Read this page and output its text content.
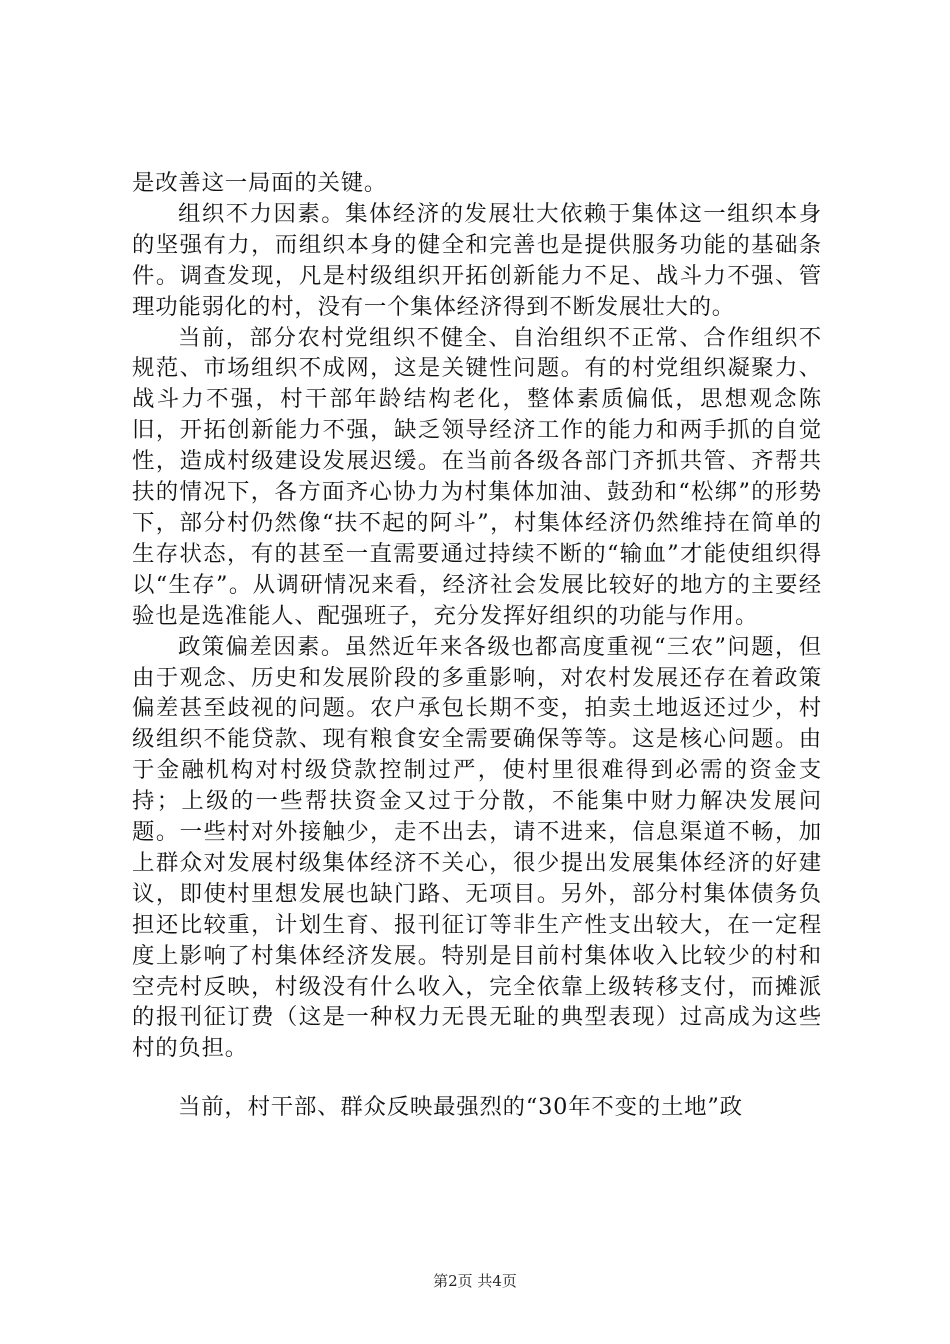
是改善这一局面的关键。

组织不力因素。集体经济的发展壮大依赖于集体这一组织本身的坚强有力，而组织本身的健全和完善也是提供服务功能的基础条件。调查发现，凡是村级组织开拓创新能力不足、战斗力不强、管理功能弱化的村，没有一个集体经济得到不断发展壮大的。

当前，部分农村党组织不健全、自治组织不正常、合作组织不规范、市场组织不成网，这是关键性问题。有的村党组织凝聚力、战斗力不强，村干部年龄结构老化，整体素质偏低，思想观念陈旧，开拓创新能力不强，缺乏领导经济工作的能力和两手抓的自觉性，造成村级建设发展迟缓。在当前各级各部门齐抓共管、齐帮共扶的情况下，各方面齐心协力为村集体加油、鼓劲和“松绑”的形势下，部分村仍然像“扶不起的阿斗”，村集体经济仍然维持在简单的生存状态，有的甚至一直需要通过持续不断的“输血”才能使组织得以“生存”。从调研情况来看，经济社会发展比较好的地方的主要经验也是选准能人、配强班子，充分发挥好组织的功能与作用。

政策偏差因素。虽然近年来各级也都高度重视“三农”问题，但由于观念、历史和发展阶段的多重影响，对农村发展还存在着政策偏差甚至歧视的问题。农户承包长期不变，拍卖土地返还过少，村级组织不能贷款、现有粮食安全需要确保等等。这是核心问题。由于金融机构对村级贷款控制过严，使村里很难得到必需的资金支持；上级的一些帮扶资金又过于分散，不能集中财力解决发展问题。一些村对外接触少，走不出去，请不进来，信息渠道不畅，加上群众对发展村级集体经济不关心，很少提出发展集体经济的好建议，即使村里想发展也缺门路、无项目。另外，部分村集体债务负担还比较重，计划生育、报刊征订等非生产性支出较大，在一定程度上影响了村集体经济发展。特别是目前村集体收入比较少的村和空壳村反映，村级没有什么收入，完全依靠上级转移支付，而摊派的报刊征订费（这是一种权力无畏无耻的典型表现）过高成为这些村的负担。

当前，村干部、群众反映最强烈的“30年不变的土地”政

第2页 共4页
